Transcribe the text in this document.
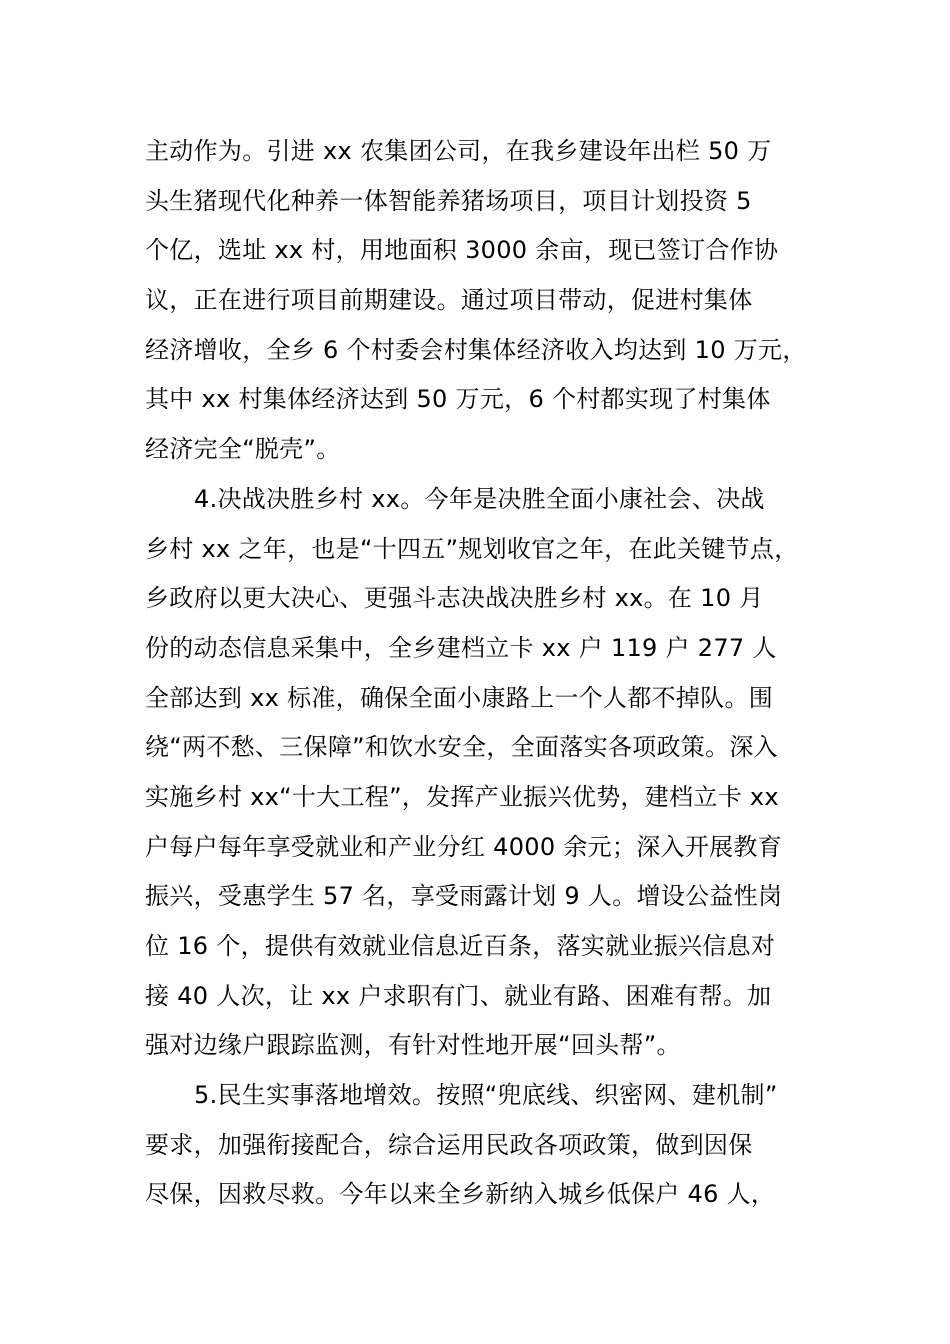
主动作为。引进 xx 农集团公司，在我乡建设年出栏 50 万
头生猪现代化种养一体智能养猪场项目，项目计划投资 5
个亿，选址 xx 村，用地面积 3000 余亩，现已签订合作协
议，正在进行项目前期建设。通过项目带动，促进村集体
经济增收，全乡 6 个村委会村集体经济收入均达到 10 万元，
其中 xx 村集体经济达到 50 万元，6 个村都实现了村集体
经济完全“脱壳”。
4.决战决胜乡村 xx。今年是决胜全面小康社会、决战
乡村 xx 之年，也是“十四五”规划收官之年，在此关键节点，
乡政府以更大决心、更强斗志决战决胜乡村 xx。在 10 月
份的动态信息采集中，全乡建档立卡 xx 户 119 户 277 人
全部达到 xx 标准，确保全面小康路上一个人都不掉队。围
绕“两不愁、三保障”和饮水安全，全面落实各项政策。深入
实施乡村 xx“十大工程”，发挥产业振兴优势，建档立卡 xx
户每户每年享受就业和产业分红 4000 余元；深入开展教育
振兴，受惠学生 57 名，享受雨露计划 9 人。增设公益性岗
位 16 个，提供有效就业信息近百条，落实就业振兴信息对
接 40 人次，让 xx 户求职有门、就业有路、困难有帮。加
强对边缘户跟踪监测，有针对性地开展“回头帮”。
5.民生实事落地增效。按照“兜底线、织密网、建机制”
要求，加强衔接配合，综合运用民政各项政策，做到因保
尽保，因救尽救。今年以来全乡新纳入城乡低保户 46 人，
